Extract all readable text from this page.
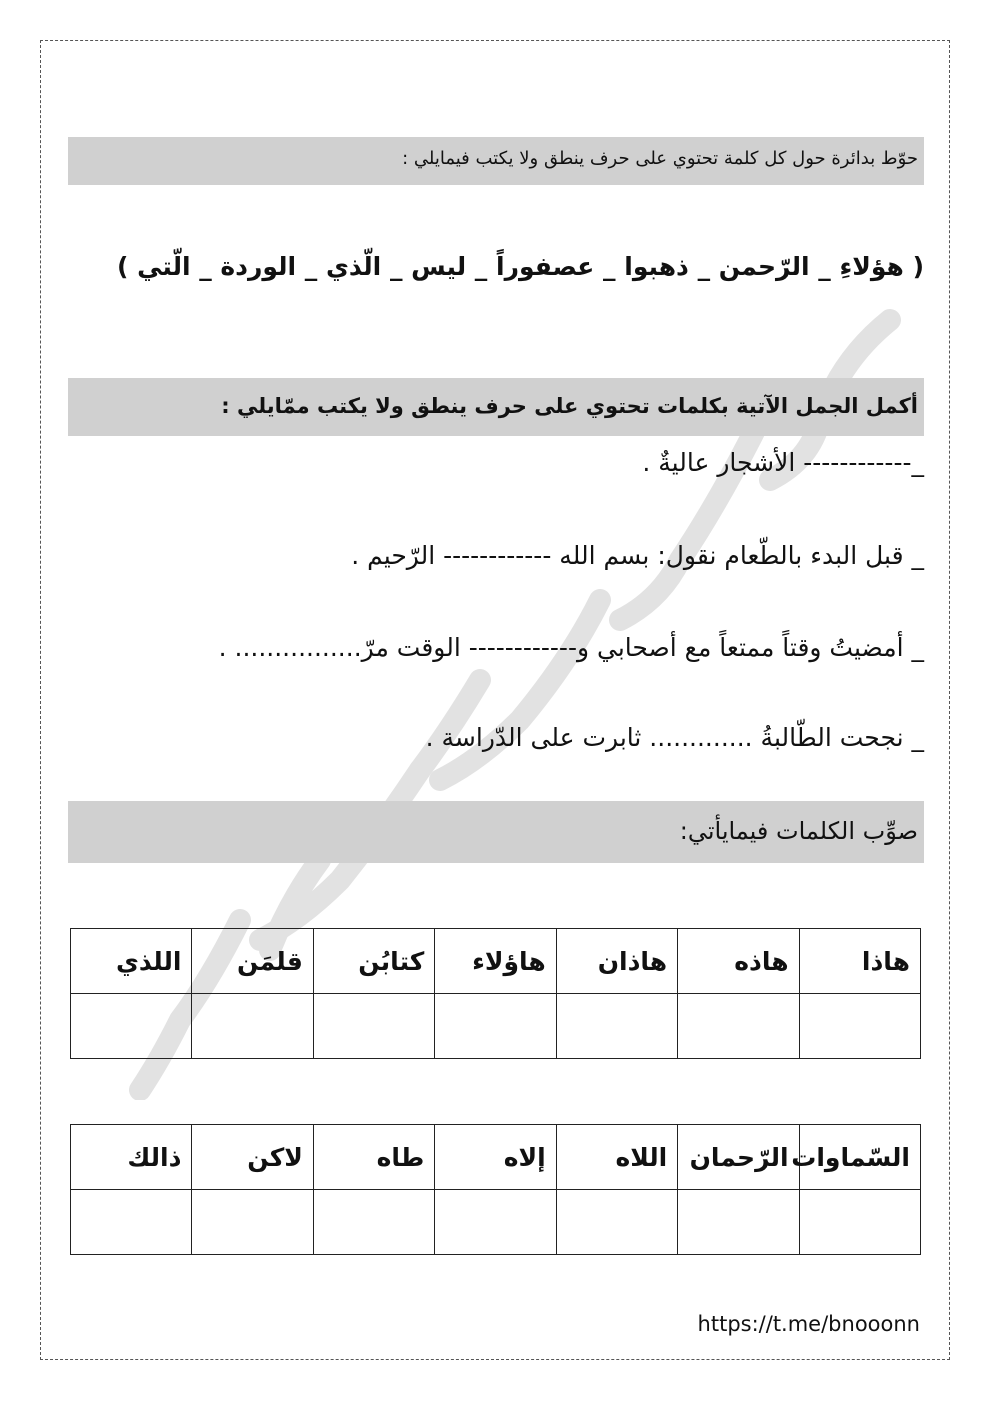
حوّط بدائرة حول كل كلمة تحتوي على حرف ينطق ولا يكتب فيمايلي :
( هؤلاءِ _ الرّحمن _ ذهبوا _ عصفوراً _ ليس _ الّذي _ الوردة _ الّتي )
أكمل الجمل الآتية بكلمات تحتوي على حرف ينطق ولا يكتب ممّايلي :
_------------ الأشجار عاليةٌ .
_ قبل البدء بالطّعام نقول: بسم الله ------------ الرّحيم .
_ أمضيتُ وقتاً ممتعاً مع أصحابي و------------ الوقت مرّ................ .
_ نجحت الطّالبةُ ............. ثابرت على الدّراسة .
صوِّب الكلمات فيمايأتي:
هاذا	هاذه	هاذان	هاؤلاء	كتابُن	قلمَن	اللذي

السّماوات	الرّحمان	اللاه	إلاه	طاه	لاكن	ذالك

https://t.me/bnooonn
